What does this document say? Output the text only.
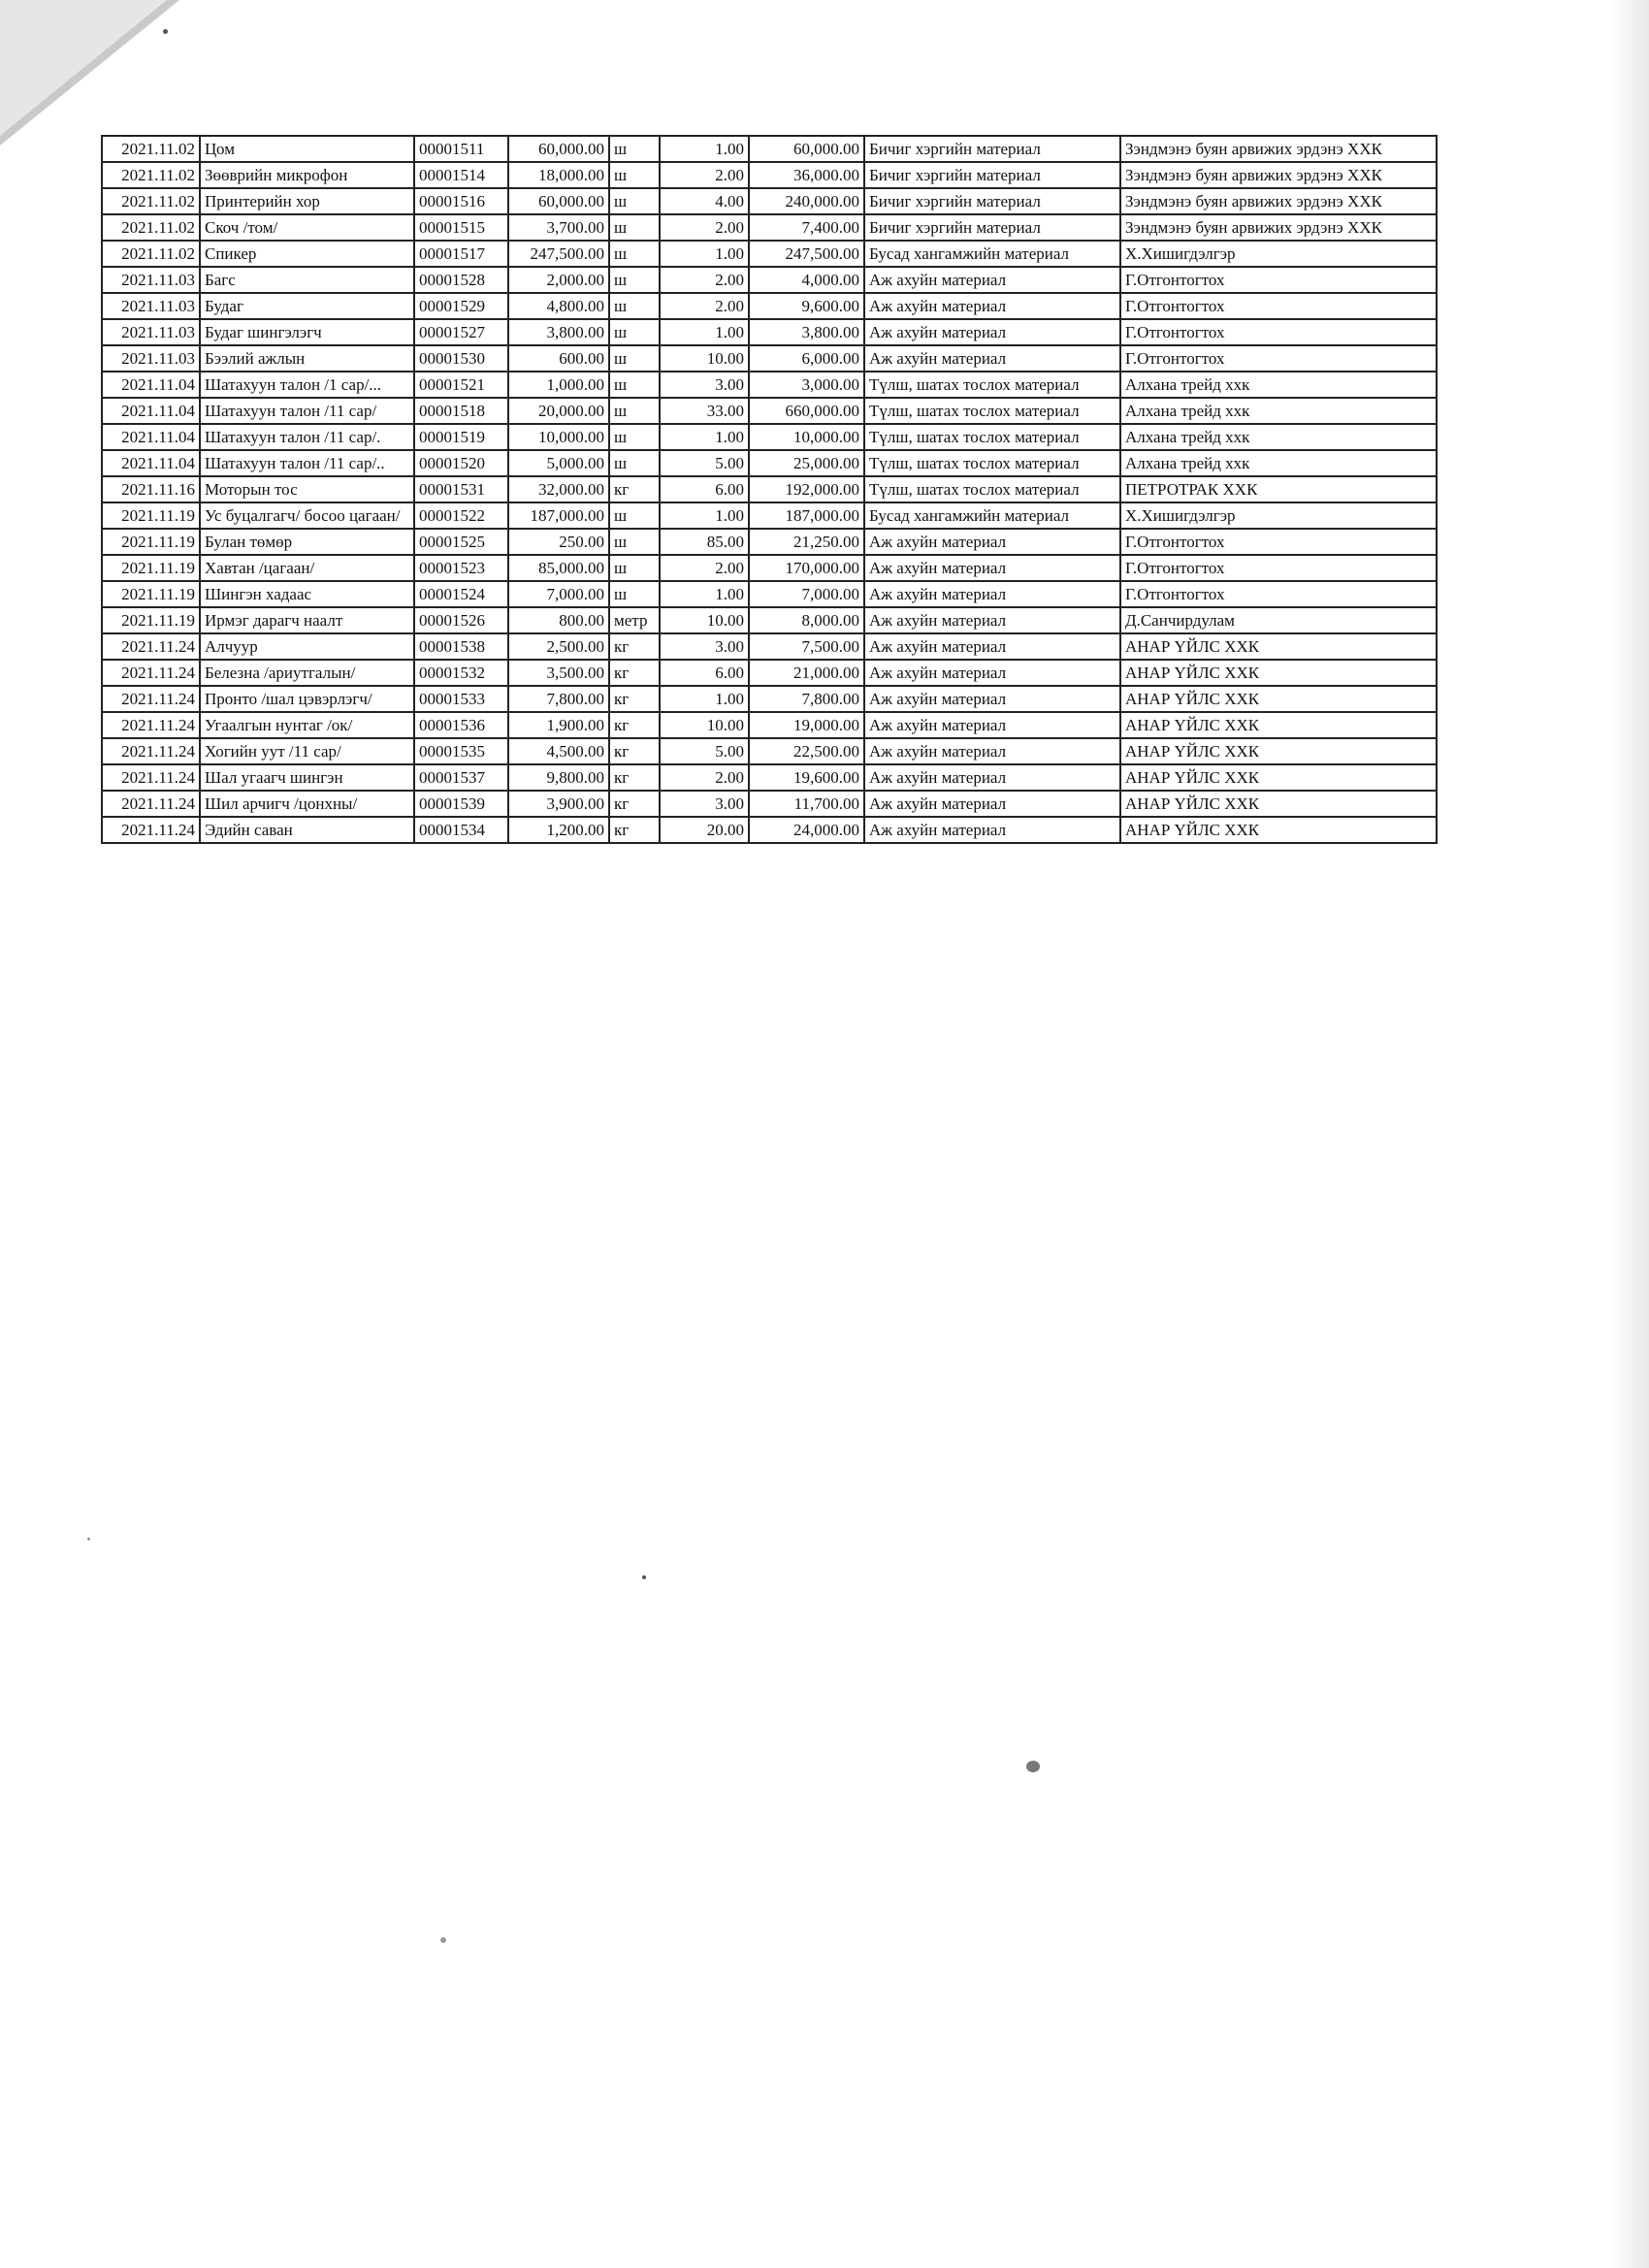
2021.11.02	Цом	00001511	60,000.00	ш	1.00	60,000.00	Бичиг хэргийн материал	Зэндмэнэ буян арвижих эрдэнэ ХХК
2021.11.02	Зөөврийн микрофон	00001514	18,000.00	ш	2.00	36,000.00	Бичиг хэргийн материал	Зэндмэнэ буян арвижих эрдэнэ ХХК
2021.11.02	Принтерийн хор	00001516	60,000.00	ш	4.00	240,000.00	Бичиг хэргийн материал	Зэндмэнэ буян арвижих эрдэнэ ХХК
2021.11.02	Скоч /том/	00001515	3,700.00	ш	2.00	7,400.00	Бичиг хэргийн материал	Зэндмэнэ буян арвижих эрдэнэ ХХК
2021.11.02	Спикер	00001517	247,500.00	ш	1.00	247,500.00	Бусад хангамжийн материал	Х.Хишигдэлгэр
2021.11.03	Багс	00001528	2,000.00	ш	2.00	4,000.00	Аж ахуйн материал	Г.Отгонтогтох
2021.11.03	Будаг	00001529	4,800.00	ш	2.00	9,600.00	Аж ахуйн материал	Г.Отгонтогтох
2021.11.03	Будаг шингэлэгч	00001527	3,800.00	ш	1.00	3,800.00	Аж ахуйн материал	Г.Отгонтогтох
2021.11.03	Бээлий ажлын	00001530	600.00	ш	10.00	6,000.00	Аж ахуйн материал	Г.Отгонтогтох
2021.11.04	Шатахуун талон /1 сар/...	00001521	1,000.00	ш	3.00	3,000.00	Түлш, шатах тослох материал	Алхана трейд ххк
2021.11.04	Шатахуун талон /11 сар/	00001518	20,000.00	ш	33.00	660,000.00	Түлш, шатах тослох материал	Алхана трейд ххк
2021.11.04	Шатахуун талон /11 сар/.	00001519	10,000.00	ш	1.00	10,000.00	Түлш, шатах тослох материал	Алхана трейд ххк
2021.11.04	Шатахуун талон /11 сар/..	00001520	5,000.00	ш	5.00	25,000.00	Түлш, шатах тослох материал	Алхана трейд ххк
2021.11.16	Моторын тос	00001531	32,000.00	кг	6.00	192,000.00	Түлш, шатах тослох материал	ПЕТРОТРАК ХХК
2021.11.19	Ус буцалгагч/ босоо цагаан/	00001522	187,000.00	ш	1.00	187,000.00	Бусад хангамжийн материал	Х.Хишигдэлгэр
2021.11.19	Булан төмөр	00001525	250.00	ш	85.00	21,250.00	Аж ахуйн материал	Г.Отгонтогтох
2021.11.19	Хавтан /цагаан/	00001523	85,000.00	ш	2.00	170,000.00	Аж ахуйн материал	Г.Отгонтогтох
2021.11.19	Шингэн хадаас	00001524	7,000.00	ш	1.00	7,000.00	Аж ахуйн материал	Г.Отгонтогтох
2021.11.19	Ирмэг дарагч наалт	00001526	800.00	метр	10.00	8,000.00	Аж ахуйн материал	Д.Санчирдулам
2021.11.24	Алчуур	00001538	2,500.00	кг	3.00	7,500.00	Аж ахуйн материал	АНАР ҮЙЛС ХХК
2021.11.24	Белезна /ариутгалын/	00001532	3,500.00	кг	6.00	21,000.00	Аж ахуйн материал	АНАР ҮЙЛС ХХК
2021.11.24	Пронто /шал цэвэрлэгч/	00001533	7,800.00	кг	1.00	7,800.00	Аж ахуйн материал	АНАР ҮЙЛС ХХК
2021.11.24	Угаалгын нунтаг /ок/	00001536	1,900.00	кг	10.00	19,000.00	Аж ахуйн материал	АНАР ҮЙЛС ХХК
2021.11.24	Хогийн уут /11 сар/	00001535	4,500.00	кг	5.00	22,500.00	Аж ахуйн материал	АНАР ҮЙЛС ХХК
2021.11.24	Шал угаагч шингэн	00001537	9,800.00	кг	2.00	19,600.00	Аж ахуйн материал	АНАР ҮЙЛС ХХК
2021.11.24	Шил арчигч /цонхны/	00001539	3,900.00	кг	3.00	11,700.00	Аж ахуйн материал	АНАР ҮЙЛС ХХК
2021.11.24	Эдийн саван	00001534	1,200.00	кг	20.00	24,000.00	Аж ахуйн материал	АНАР ҮЙЛС ХХК
